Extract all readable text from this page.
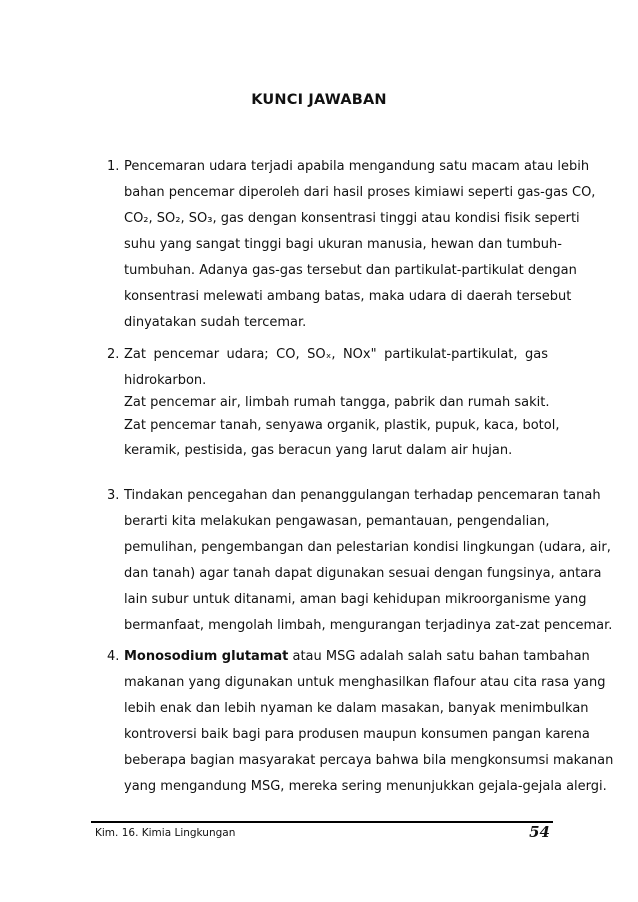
KUNCI JAWABAN
1. Pencemaran udara terjadi apabila mengandung satu macam atau lebih
bahan pencemar diperoleh dari hasil proses kimiawi seperti gas-gas CO,
CO₂, SO₂, SO₃, gas dengan konsentrasi tinggi atau kondisi fisik seperti
suhu yang sangat tinggi bagi ukuran manusia, hewan dan tumbuh-
tumbuhan. Adanya gas-gas tersebut dan partikulat-partikulat dengan
konsentrasi melewati ambang batas, maka udara di daerah tersebut
dinyatakan sudah tercemar.
2. Zat pencemar udara; CO, SOₓ, NOx" partikulat-partikulat, gas
hidrokarbon.
Zat pencemar air, limbah rumah tangga, pabrik dan rumah sakit.
Zat pencemar tanah, senyawa organik, plastik, pupuk, kaca, botol,
keramik, pestisida, gas beracun yang larut dalam air hujan.
3. Tindakan pencegahan dan penanggulangan terhadap pencemaran tanah
berarti kita melakukan pengawasan, pemantauan, pengendalian,
pemulihan, pengembangan dan pelestarian kondisi lingkungan (udara, air,
dan tanah) agar tanah dapat digunakan sesuai dengan fungsinya, antara
lain subur untuk ditanami, aman bagi kehidupan mikroorganisme yang
bermanfaat, mengolah limbah, mengurangan terjadinya zat-zat pencemar.
4. Monosodium glutamat atau MSG adalah salah satu bahan tambahan
makanan yang digunakan untuk menghasilkan flafour atau cita rasa yang
lebih enak dan lebih nyaman ke dalam masakan, banyak menimbulkan
kontroversi baik bagi para produsen maupun konsumen pangan karena
beberapa bagian masyarakat percaya bahwa bila mengkonsumsi makanan
yang mengandung MSG, mereka sering menunjukkan gejala-gejala alergi.
Kim. 16. Kimia Lingkungan	54
